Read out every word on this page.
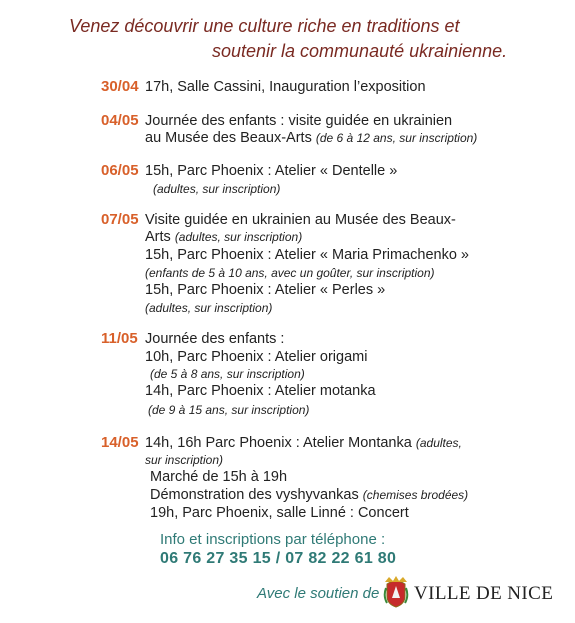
Venez découvrir une culture riche en traditions et
soutenir la communauté ukrainienne.
30/04 17h, Salle Cassini, Inauguration l’exposition
04/05 Journée des enfants : visite guidée en ukrainien
au Musée des Beaux-Arts (de 6 à 12 ans, sur inscription)
06/05 15h, Parc Phoenix : Atelier « Dentelle »
(adultes, sur inscription)
07/05 Visite guidée en ukrainien au Musée des Beaux-
Arts (adultes, sur inscription)
15h, Parc Phoenix : Atelier « Maria Primachenko »
(enfants de 5 à 10 ans, avec un goûter, sur inscription)
15h, Parc Phoenix : Atelier « Perles »
(adultes, sur inscription)
11/05 Journée des enfants :
10h, Parc Phoenix : Atelier origami
(de 5 à 8 ans, sur inscription)
14h, Parc Phoenix : Atelier motanka
(de 9 à 15 ans, sur inscription)
14/05 14h, 16h Parc Phoenix : Atelier Montanka (adultes,
sur inscription)
Marché de 15h à 19h
Démonstration des vyshyvankas (chemises brodées)
19h, Parc Phoenix, salle Linné : Concert
Info et inscriptions par téléphone :
06 76 27 35 15 / 07 82 22 61 80
Avec le soutien de VILLE DE NICE
